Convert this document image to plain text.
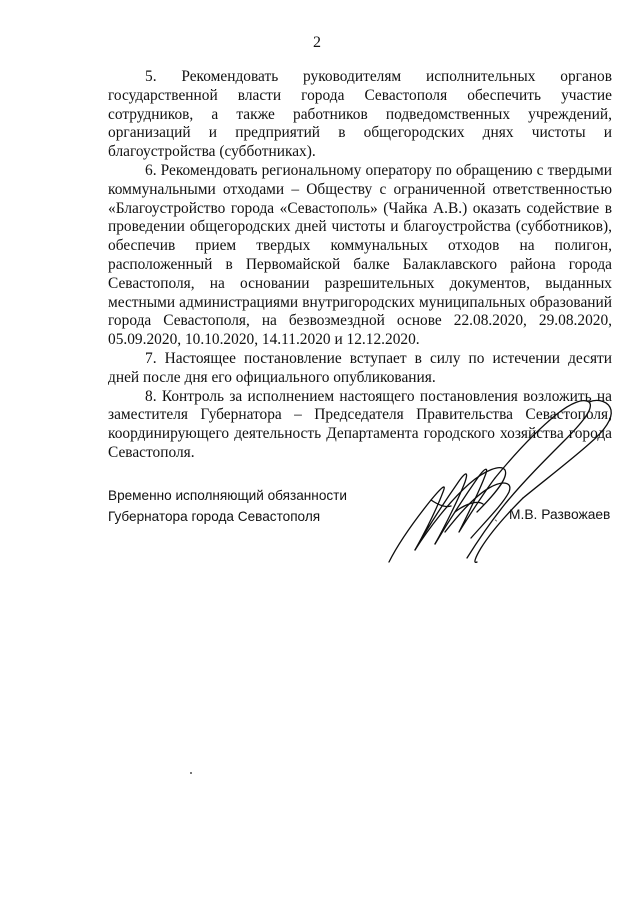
2

5. Рекомендовать руководителям исполнительных органов государственной власти города Севастополя обеспечить участие сотрудников, а также работников подведомственных учреждений, организаций и предприятий в общегородских днях чистоты и благоустройства (субботниках).

6. Рекомендовать региональному оператору по обращению с твердыми коммунальными отходами – Обществу с ограниченной ответственностью «Благоустройство города «Севастополь» (Чайка А.В.) оказать содействие в проведении общегородских дней чистоты и благоустройства (субботников), обеспечив прием твердых коммунальных отходов на полигон, расположенный в Первомайской балке Балаклавского района города Севастополя, на основании разрешительных документов, выданных местными администрациями внутригородских муниципальных образований города Севастополя, на безвозмездной основе 22.08.2020, 29.08.2020, 05.09.2020, 10.10.2020, 14.11.2020 и 12.12.2020.

7. Настоящее постановление вступает в силу по истечении десяти дней после дня его официального опубликования.

8. Контроль за исполнением настоящего постановления возложить на заместителя Губернатора – Председателя Правительства Севастополя, координирующего деятельность Департамента городского хозяйства города Севастополя.

Временно исполняющий обязанности
Губернатора города Севастополя	ˎ М.В. Развожаев
